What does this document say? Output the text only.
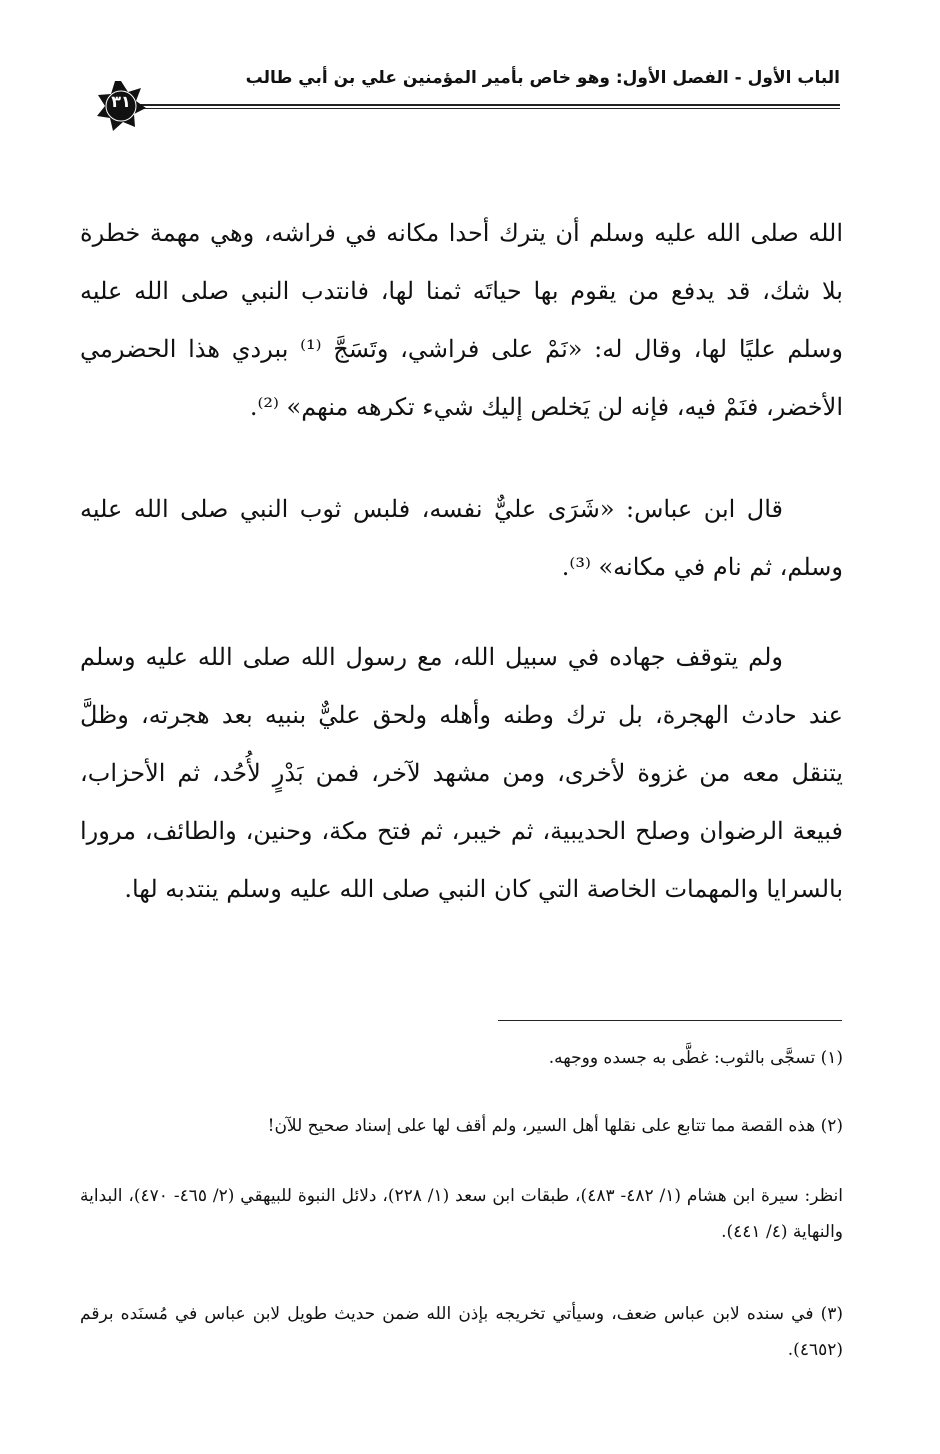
الباب الأول - الفصل الأول: وهو خاص بأمير المؤمنين علي بن أبي طالب
٣١

الله صلى الله عليه وسلم أن يترك أحدا مكانه في فراشه، وهي مهمة خطرة بلا شك، قد يدفع من يقوم بها حياتَه ثمنا لها، فانتدب النبي صلى الله عليه وسلم عليًا لها، وقال له: «نَمْ على فراشي، وتَسَجَّ ⁽¹⁾ ببردي هذا الحضرمي الأخضر، فنَمْ فيه، فإنه لن يَخلص إليك شيء تكرهه منهم» ⁽²⁾.

قال ابن عباس: «شَرَى عليٌّ نفسه، فلبس ثوب النبي صلى الله عليه وسلم، ثم نام في مكانه» ⁽³⁾.

ولم يتوقف جهاده في سبيل الله، مع رسول الله صلى الله عليه وسلم عند حادث الهجرة، بل ترك وطنه وأهله ولحق عليٌّ بنبيه بعد هجرته، وظلَّ يتنقل معه من غزوة لأخرى، ومن مشهد لآخر، فمن بَدْرٍ لأُحُد، ثم الأحزاب، فبيعة الرضوان وصلح الحديبية، ثم خيبر، ثم فتح مكة، وحنين، والطائف، مرورا بالسرايا والمهمات الخاصة التي كان النبي صلى الله عليه وسلم ينتدبه لها.

(١) تسجَّى بالثوب: غطَّى به جسده ووجهه.

(٢) هذه القصة مما تتابع على نقلها أهل السير، ولم أقف لها على إسناد صحيح للآن!

انظر: سيرة ابن هشام (١/ ٤٨٢- ٤٨٣)، طبقات ابن سعد (١/ ٢٢٨)، دلائل النبوة للبيهقي (٢/ ٤٦٥- ٤٧٠)، البداية والنهاية (٤/ ٤٤١).

(٣) في سنده لابن عباس ضعف، وسيأتي تخريجه بإذن الله ضمن حديث طويل لابن عباس في مُسنَده برقم (٤٦٥٢).
